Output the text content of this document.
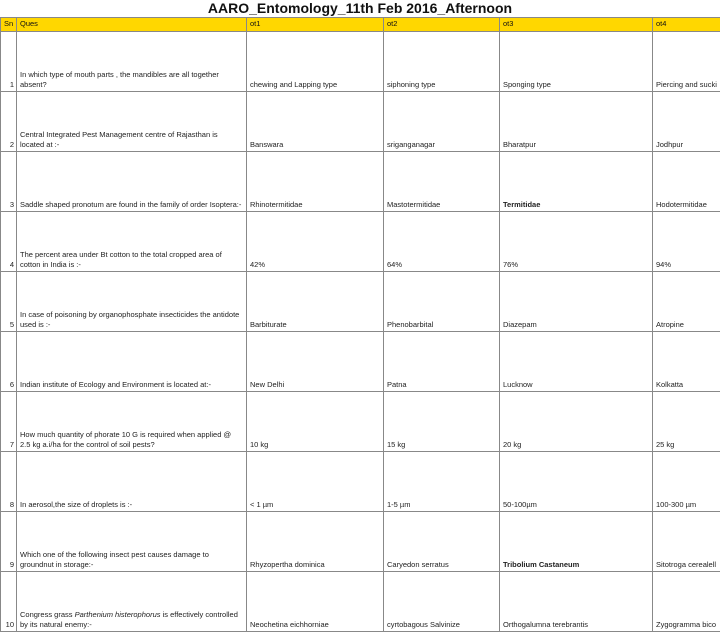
AARO_Entomology_11th Feb 2016_Afternoon
Sn	Ques	ot1	ot2	ot3	ot4
1	In which type of mouth parts , the mandibles are all together absent?	chewing and Lapping type	siphoning type	Sponging type	Piercing and sucki
2	Central Integrated Pest Management centre of Rajasthan is located at :-	Banswara	sriganganagar	Bharatpur	Jodhpur
3	Saddle shaped pronotum are found in the family of order Isoptera:-	Rhinotermitidae	Mastotermitidae	Termitidae	Hodotermitidae
4	The percent area under Bt cotton to the total cropped area of cotton in India is :-	42%	64%	76%	94%
5	In case of poisoning by organophosphate insecticides the antidote used is :-	Barbiturate	Phenobarbital	Diazepam	Atropine
6	Indian institute of Ecology and Environment is located at:-	New Delhi	Patna	Lucknow	Kolkatta
7	How much quantity of phorate 10 G is required when applied @ 2.5 kg a.i/ha for the control of soil pests?	10 kg	15 kg	20 kg	25 kg
8	In aerosol,the size of droplets is :-	< 1 µm	1-5 µm	50-100µm	100-300 µm
9	Which one of the following insect pest causes damage to groundnut in storage:-	Rhyzopertha dominica	Caryedon serratus	Tribolium Castaneum	Sitotroga cerealell
10	Congress grass Parthenium histerophorus is effectively controlled by its natural enemy:-	Neochetina eichhorniae	cyrtobagous Salvinize	Orthogalumna terebrantis	Zygogramma bico
